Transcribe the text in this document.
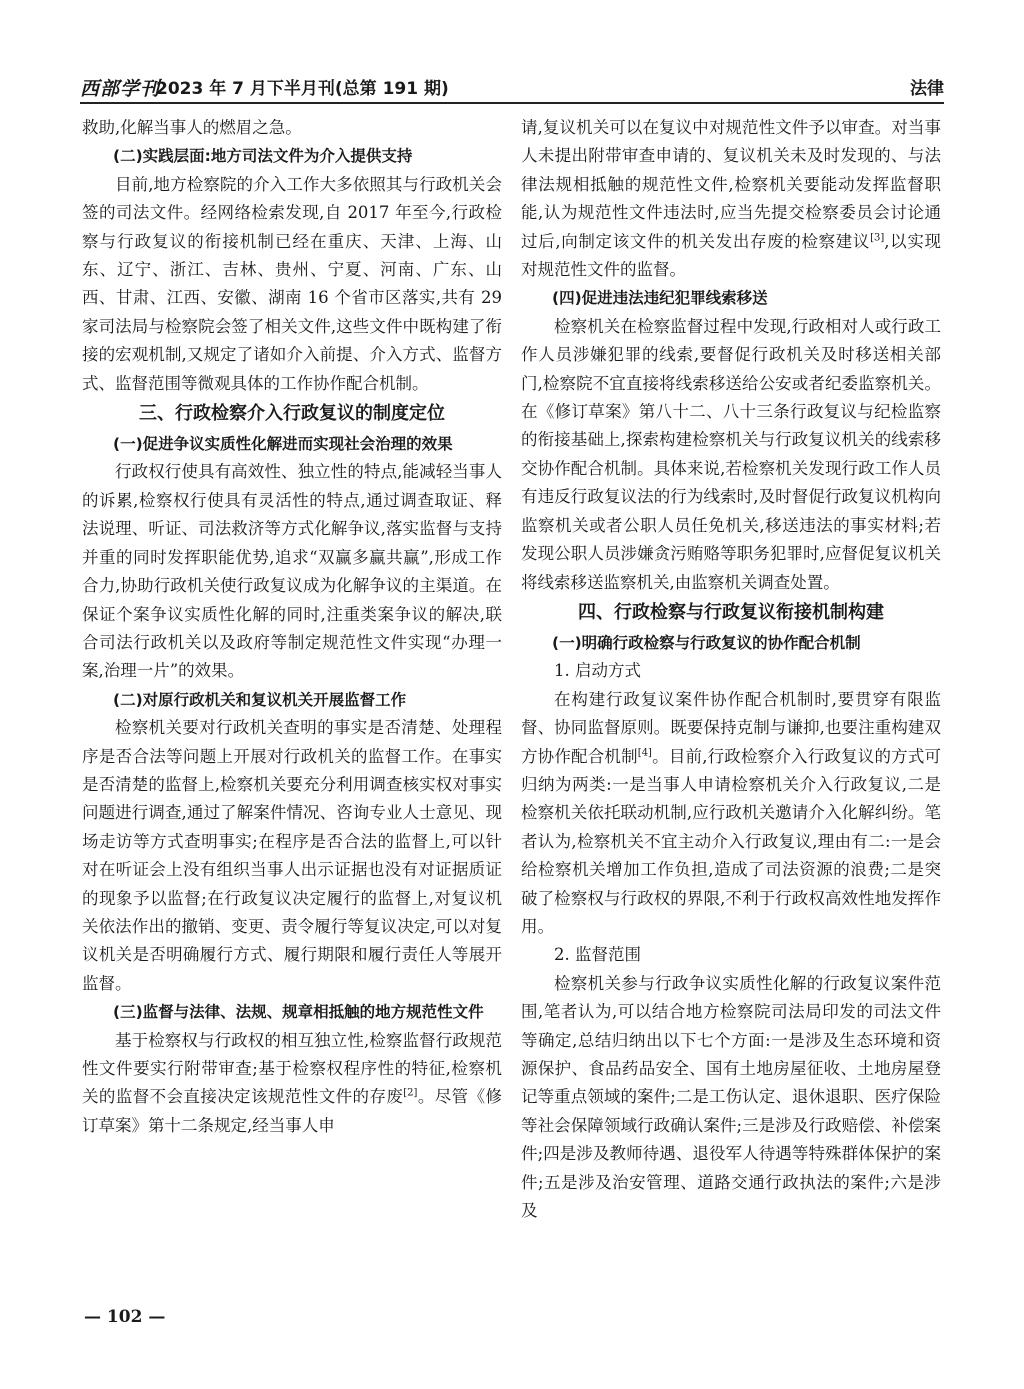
西部学刊
2023 年 7 月下半月刊(总第 191 期)	法律

救助,化解当事人的燃眉之急。

(二)实践层面:地方司法文件为介入提供支持

目前,地方检察院的介入工作大多依照其与行政机关会签的司法文件。经网络检索发现,自 2017 年至今,行政检察与行政复议的衔接机制已经在重庆、天津、上海、山东、辽宁、浙江、吉林、贵州、宁夏、河南、广东、山西、甘肃、江西、安徽、湖南 16 个省市区落实,共有 29 家司法局与检察院会签了相关文件,这些文件中既构建了衔接的宏观机制,又规定了诸如介入前提、介入方式、监督方式、监督范围等微观具体的工作协作配合机制。

三、行政检察介入行政复议的制度定位

(一)促进争议实质性化解进而实现社会治理的效果

行政权行使具有高效性、独立性的特点,能减轻当事人的诉累,检察权行使具有灵活性的特点,通过调查取证、释法说理、听证、司法救济等方式化解争议,落实监督与支持并重的同时发挥职能优势,追求“双赢多赢共赢”,形成工作合力,协助行政机关使行政复议成为化解争议的主渠道。在保证个案争议实质性化解的同时,注重类案争议的解决,联合司法行政机关以及政府等制定规范性文件实现“办理一案,治理一片”的效果。

(二)对原行政机关和复议机关开展监督工作

检察机关要对行政机关查明的事实是否清楚、处理程序是否合法等问题上开展对行政机关的监督工作。在事实是否清楚的监督上,检察机关要充分利用调查核实权对事实问题进行调查,通过了解案件情况、咨询专业人士意见、现场走访等方式查明事实;在程序是否合法的监督上,可以针对在听证会上没有组织当事人出示证据也没有对证据质证的现象予以监督;在行政复议决定履行的监督上,对复议机关依法作出的撤销、变更、责令履行等复议决定,可以对复议机关是否明确履行方式、履行期限和履行责任人等展开监督。

(三)监督与法律、法规、规章相抵触的地方规范性文件

基于检察权与行政权的相互独立性,检察监督行政规范性文件要实行附带审查;基于检察权程序性的特征,检察机关的监督不会直接决定该规范性文件的存废[2]。尽管《修订草案》第十二条规定,经当事人申

请,复议机关可以在复议中对规范性文件予以审查。对当事人未提出附带审查申请的、复议机关未及时发现的、与法律法规相抵触的规范性文件,检察机关要能动发挥监督职能,认为规范性文件违法时,应当先提交检察委员会讨论通过后,向制定该文件的机关发出存废的检察建议[3],以实现对规范性文件的监督。

(四)促进违法违纪犯罪线索移送

检察机关在检察监督过程中发现,行政相对人或行政工作人员涉嫌犯罪的线索,要督促行政机关及时移送相关部门,检察院不宜直接将线索移送给公安或者纪委监察机关。在《修订草案》第八十二、八十三条行政复议与纪检监察的衔接基础上,探索构建检察机关与行政复议机关的线索移交协作配合机制。具体来说,若检察机关发现行政工作人员有违反行政复议法的行为线索时,及时督促行政复议机构向监察机关或者公职人员任免机关,移送违法的事实材料;若发现公职人员涉嫌贪污贿赂等职务犯罪时,应督促复议机关将线索移送监察机关,由监察机关调查处置。

四、行政检察与行政复议衔接机制构建

(一)明确行政检察与行政复议的协作配合机制

1. 启动方式

在构建行政复议案件协作配合机制时,要贯穿有限监督、协同监督原则。既要保持克制与谦抑,也要注重构建双方协作配合机制[4]。目前,行政检察介入行政复议的方式可归纳为两类:一是当事人申请检察机关介入行政复议,二是检察机关依托联动机制,应行政机关邀请介入化解纠纷。笔者认为,检察机关不宜主动介入行政复议,理由有二:一是会给检察机关增加工作负担,造成了司法资源的浪费;二是突破了检察权与行政权的界限,不利于行政权高效性地发挥作用。

2. 监督范围

检察机关参与行政争议实质性化解的行政复议案件范围,笔者认为,可以结合地方检察院司法局印发的司法文件等确定,总结归纳出以下七个方面:一是涉及生态环境和资源保护、食品药品安全、国有土地房屋征收、土地房屋登记等重点领域的案件;二是工伤认定、退休退职、医疗保险等社会保障领域行政确认案件;三是涉及行政赔偿、补偿案件;四是涉及教师待遇、退役军人待遇等特殊群体保护的案件;五是涉及治安管理、道路交通行政执法的案件;六是涉及

— 102 —
